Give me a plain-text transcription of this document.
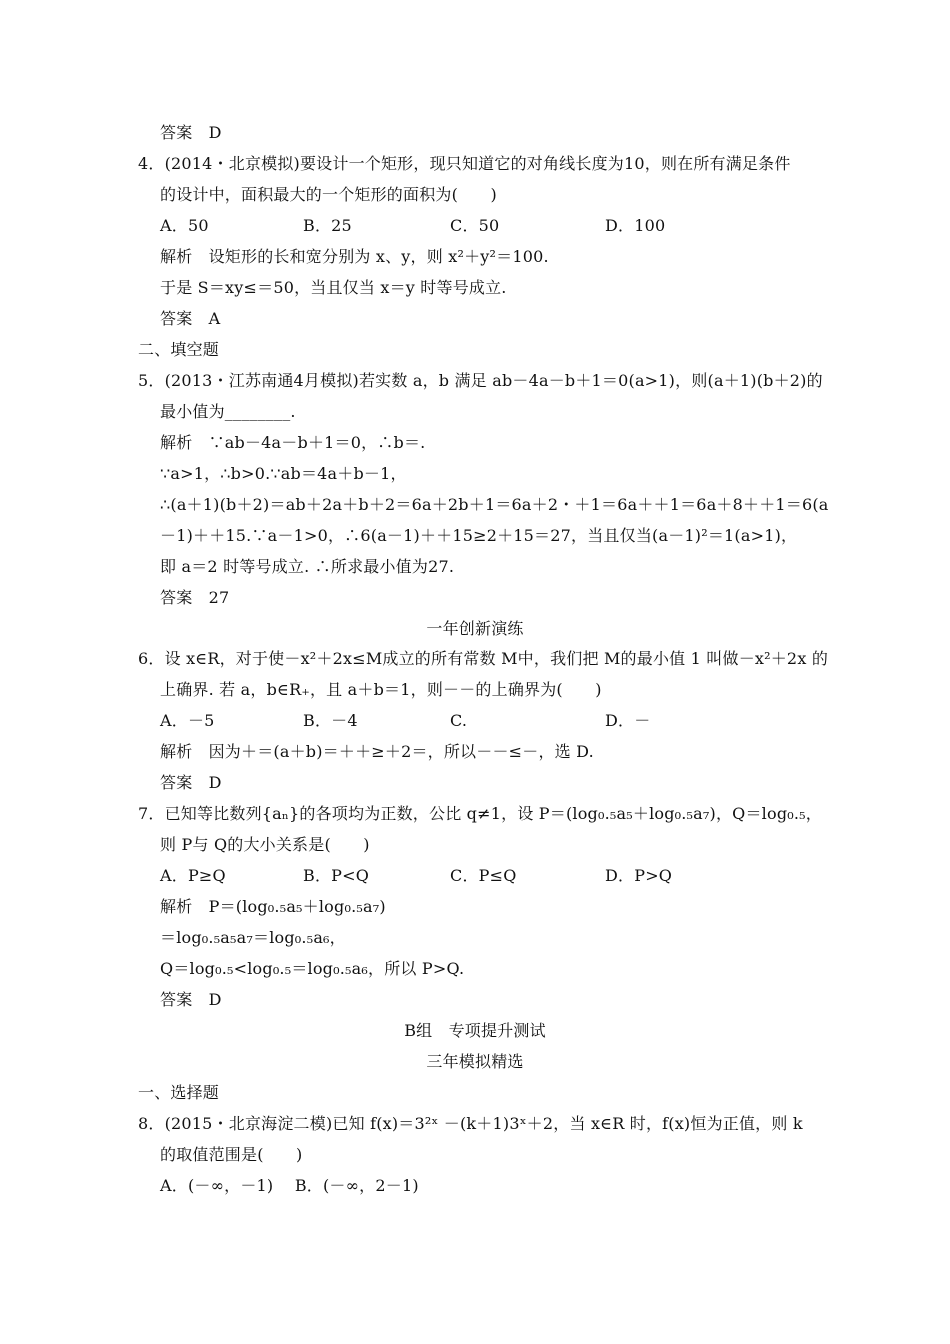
答案　D
4．(2014・北京模拟)要设计一个矩形，现只知道它的对角线长度为10，则在所有满足条件
的设计中，面积最大的一个矩形的面积为(　　)
A．50	B．25	C．50	D．100
解析　设矩形的长和宽分别为 x、y，则 x²＋y²＝100.
于是 S＝xy≤＝50，当且仅当 x＝y 时等号成立.
答案　A
二、填空题
5．(2013・江苏南通4月模拟)若实数 a，b 满足 ab－4a－b＋1＝0(a>1)，则(a＋1)(b＋2)的
最小值为________.
解析　∵ab－4a－b＋1＝0，∴b＝.
∵a>1，∴b>0.∵ab＝4a＋b－1，
∴(a＋1)(b＋2)＝ab＋2a＋b＋2＝6a＋2b＋1＝6a＋2・＋1＝6a＋＋1＝6a＋8＋＋1＝6(a
－1)＋＋15.∵a－1>0，∴6(a－1)＋＋15≥2＋15＝27，当且仅当(a－1)²＝1(a>1)，
即 a＝2 时等号成立. ∴所求最小值为27.
答案　27
一年创新演练
6．设 x∈R，对于使－x²＋2x≤M成立的所有常数 M中，我们把 M的最小值 1 叫做－x²＋2x 的
上确界. 若 a，b∈R₊，且 a＋b＝1，则－－的上确界为(　　)
A．－5	B．－4	C.	D．－
解析　因为＋＝(a＋b)＝＋＋≥＋2＝，所以－－≤－，选 D.
答案　D
7．已知等比数列{aₙ}的各项均为正数，公比 q≠1，设 P＝(log₀.₅a₅＋log₀.₅a₇)，Q＝log₀.₅，
则 P与 Q的大小关系是(　　)
A．P≥Q	B．P<Q	C．P≤Q	D．P>Q
解析　P＝(log₀.₅a₅＋log₀.₅a₇)
＝log₀.₅a₅a₇＝log₀.₅a₆，
Q＝log₀.₅<log₀.₅＝log₀.₅a₆，所以 P>Q.
答案　D
B组　专项提升测试
三年模拟精选
一、选择题
8．(2015・北京海淀二模)已知 f(x)＝3²ˣ －(k＋1)3ˣ＋2，当 x∈R 时，f(x)恒为正值，则 k
的取值范围是(　　)
A．(－∞，－1)　 B．(－∞，2－1)
